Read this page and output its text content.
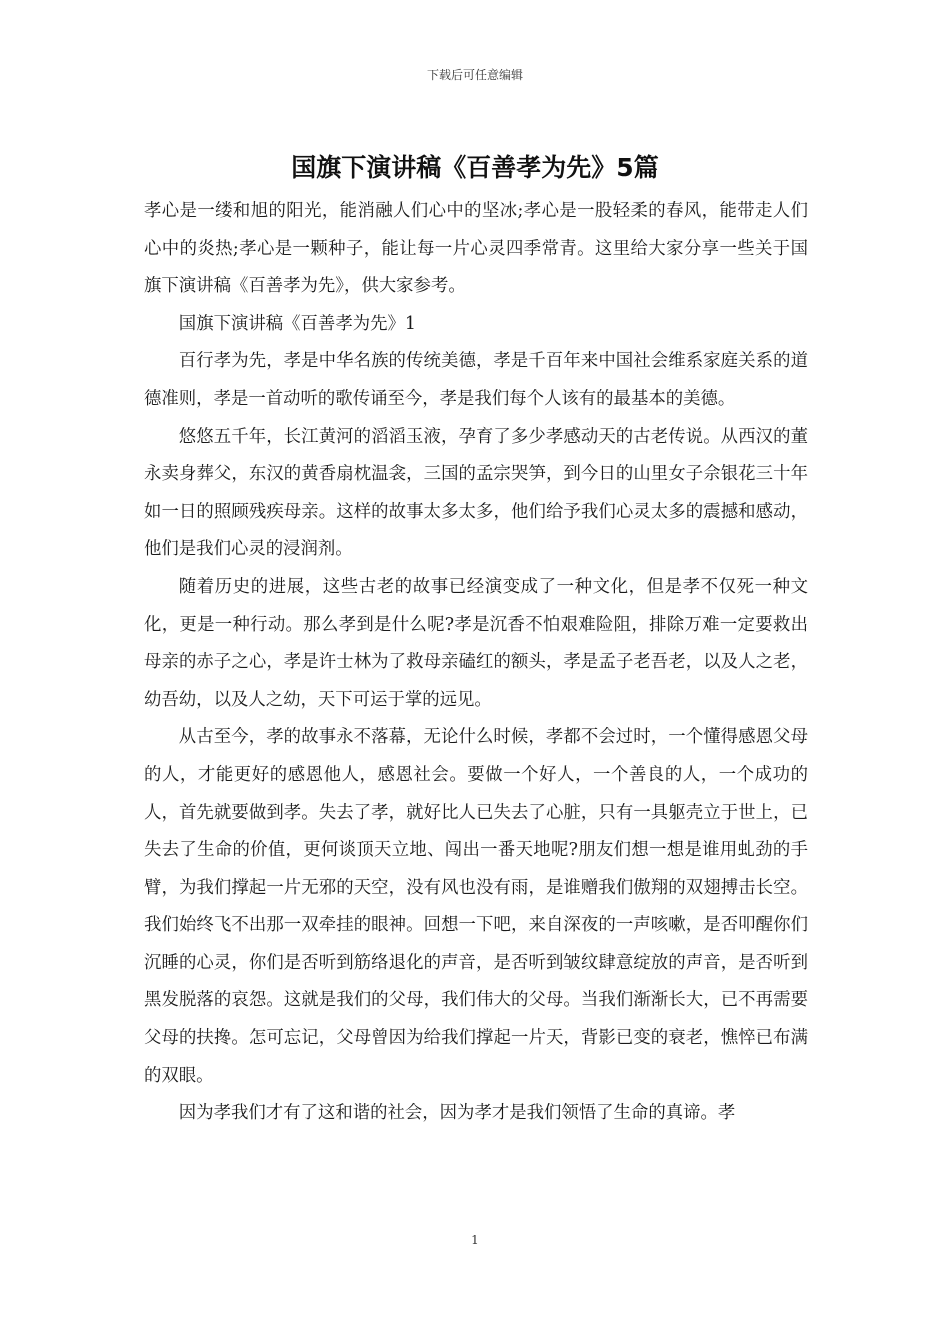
下载后可任意编辑
国旗下演讲稿《百善孝为先》5篇

孝心是一缕和旭的阳光，能消融人们心中的坚冰;孝心是一股轻柔的春风，能带走人们心中的炎热;孝心是一颗种子，能让每一片心灵四季常青。这里给大家分享一些关于国旗下演讲稿《百善孝为先》，供大家参考。

国旗下演讲稿《百善孝为先》1

百行孝为先，孝是中华名族的传统美德，孝是千百年来中国社会维系家庭关系的道德准则，孝是一首动听的歌传诵至今，孝是我们每个人该有的最基本的美德。

悠悠五千年，长江黄河的滔滔玉液，孕育了多少孝感动天的古老传说。从西汉的董永卖身葬父，东汉的黄香扇枕温衾，三国的孟宗哭笋，到今日的山里女子佘银花三十年如一日的照顾残疾母亲。这样的故事太多太多，他们给予我们心灵太多的震撼和感动，他们是我们心灵的浸润剂。

随着历史的进展，这些古老的故事已经演变成了一种文化，但是孝不仅死一种文化，更是一种行动。那么孝到是什么呢?孝是沉香不怕艰难险阻，排除万难一定要救出母亲的赤子之心，孝是许士林为了救母亲磕红的额头，孝是孟子老吾老，以及人之老，幼吾幼，以及人之幼，天下可运于掌的远见。

从古至今，孝的故事永不落幕，无论什么时候，孝都不会过时，一个懂得感恩父母的人，才能更好的感恩他人，感恩社会。要做一个好人，一个善良的人，一个成功的人，首先就要做到孝。失去了孝，就好比人已失去了心脏，只有一具躯壳立于世上，已失去了生命的价值，更何谈顶天立地、闯出一番天地呢?朋友们想一想是谁用虬劲的手臂，为我们撑起一片无邪的天空，没有风也没有雨，是谁赠我们傲翔的双翅搏击长空。我们始终飞不出那一双牵挂的眼神。回想一下吧，来自深夜的一声咳嗽，是否叩醒你们沉睡的心灵，你们是否听到筋络退化的声音，是否听到皱纹肆意绽放的声音，是否听到黑发脱落的哀怨。这就是我们的父母，我们伟大的父母。当我们渐渐长大，已不再需要父母的扶搀。怎可忘记，父母曾因为给我们撑起一片天，背影已变的衰老，憔悴已布满的双眼。

因为孝我们才有了这和谐的社会，因为孝才是我们领悟了生命的真谛。孝

1
